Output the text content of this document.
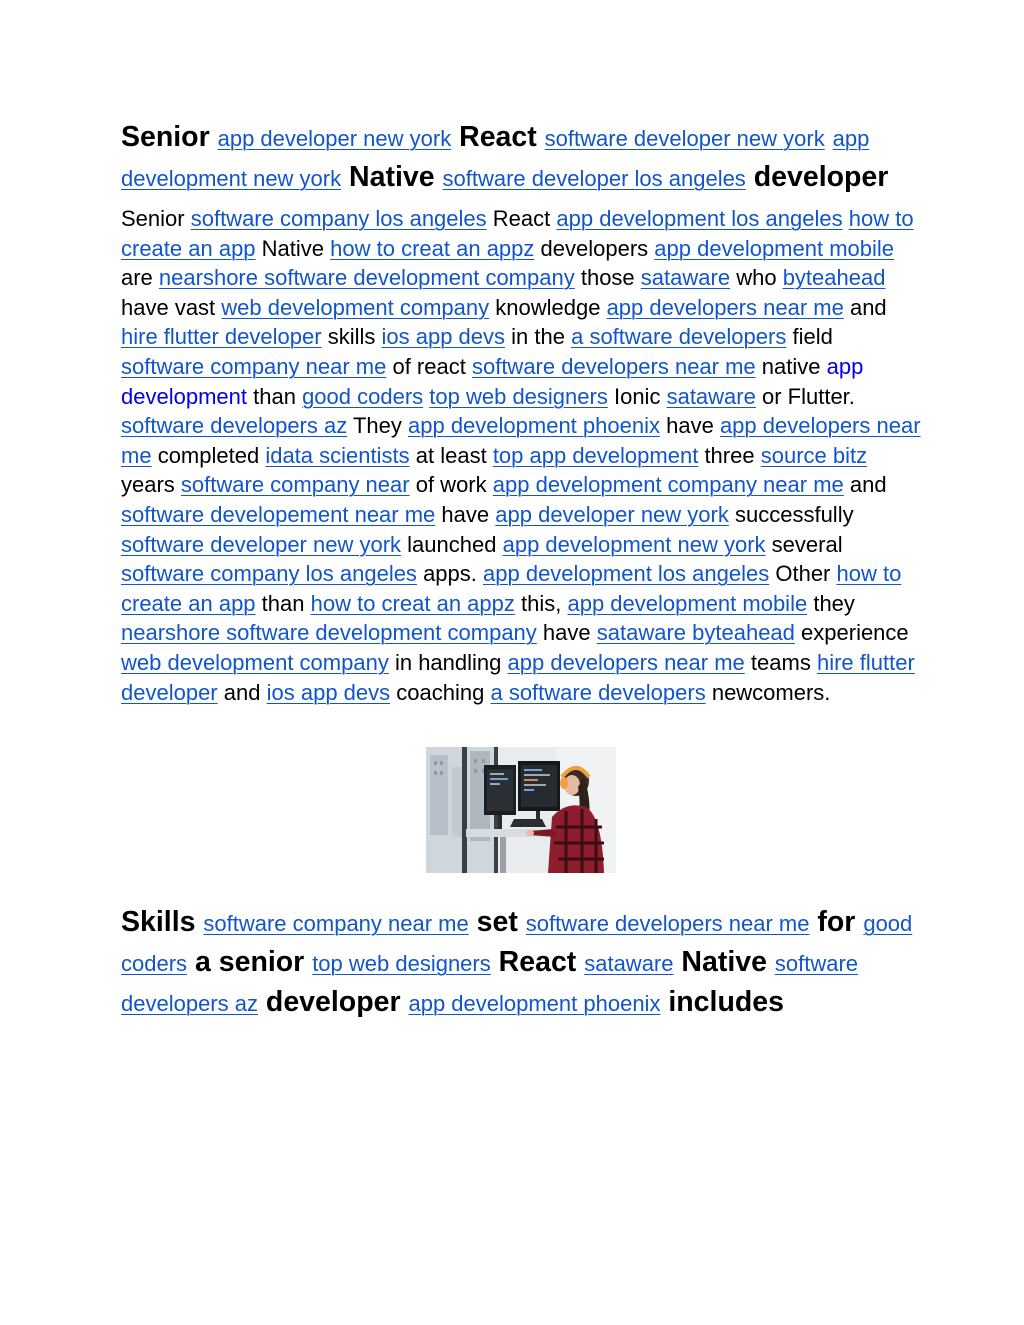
Senior app developer new york React software developer new york app development new york Native software developer los angeles developer

Senior software company los angeles React app development los angeles how to create an app Native how to creat an appz developers app development mobile are nearshore software development company those sataware who byteahead have vast web development company knowledge app developers near me and hire flutter developer skills ios app devs in the a software developers field software company near me of react software developers near me native app development than good coders top web designers Ionic sataware or Flutter. software developers az They app development phoenix have app developers near me completed idata scientists at least top app development three source bitz years software company near of work app development company near me and software developement near me have app developer new york successfully software developer new york launched app development new york several software company los angeles apps. app development los angeles Other how to create an app than how to creat an appz this, app development mobile they nearshore software development company have sataware byteahead experience web development company in handling app developers near me teams hire flutter developer and ios app devs coaching a software developers newcomers.

Skills software company near me set software developers near me for good coders a senior top web designers React sataware Native software developers az developer app development phoenix includes
